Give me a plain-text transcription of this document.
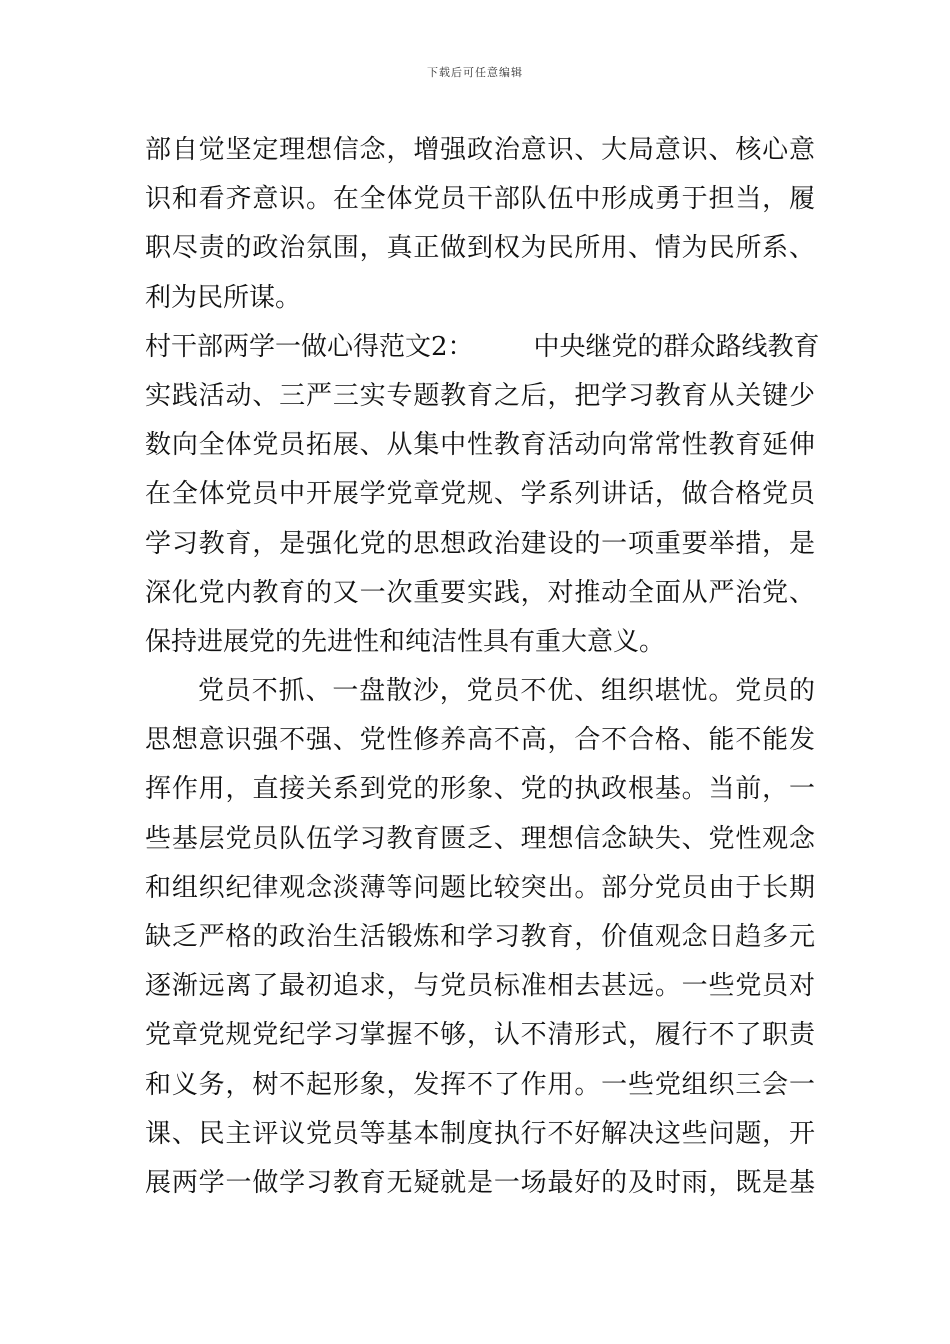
下载后可任意编辑
部自觉坚定理想信念，增强政治意识、大局意识、核心意
识和看齐意识。在全体党员干部队伍中形成勇于担当，履
职尽责的政治氛围，真正做到权为民所用、情为民所系、
利为民所谋。
村干部两学一做心得范文2： 中央继党的群众路线教育
实践活动、三严三实专题教育之后，把学习教育从关键少
数向全体党员拓展、从集中性教育活动向常常性教育延伸
在全体党员中开展学党章党规、学系列讲话，做合格党员
学习教育，是强化党的思想政治建设的一项重要举措，是
深化党内教育的又一次重要实践，对推动全面从严治党、
保持进展党的先进性和纯洁性具有重大意义。
党员不抓、一盘散沙，党员不优、组织堪忧。党员的
思想意识强不强、党性修养高不高，合不合格、能不能发
挥作用，直接关系到党的形象、党的执政根基。当前，一
些基层党员队伍学习教育匮乏、理想信念缺失、党性观念
和组织纪律观念淡薄等问题比较突出。部分党员由于长期
缺乏严格的政治生活锻炼和学习教育，价值观念日趋多元
逐渐远离了最初追求，与党员标准相去甚远。一些党员对
党章党规党纪学习掌握不够，认不清形式，履行不了职责
和义务，树不起形象，发挥不了作用。一些党组织三会一
课、民主评议党员等基本制度执行不好解决这些问题，开
展两学一做学习教育无疑就是一场最好的及时雨，既是基
